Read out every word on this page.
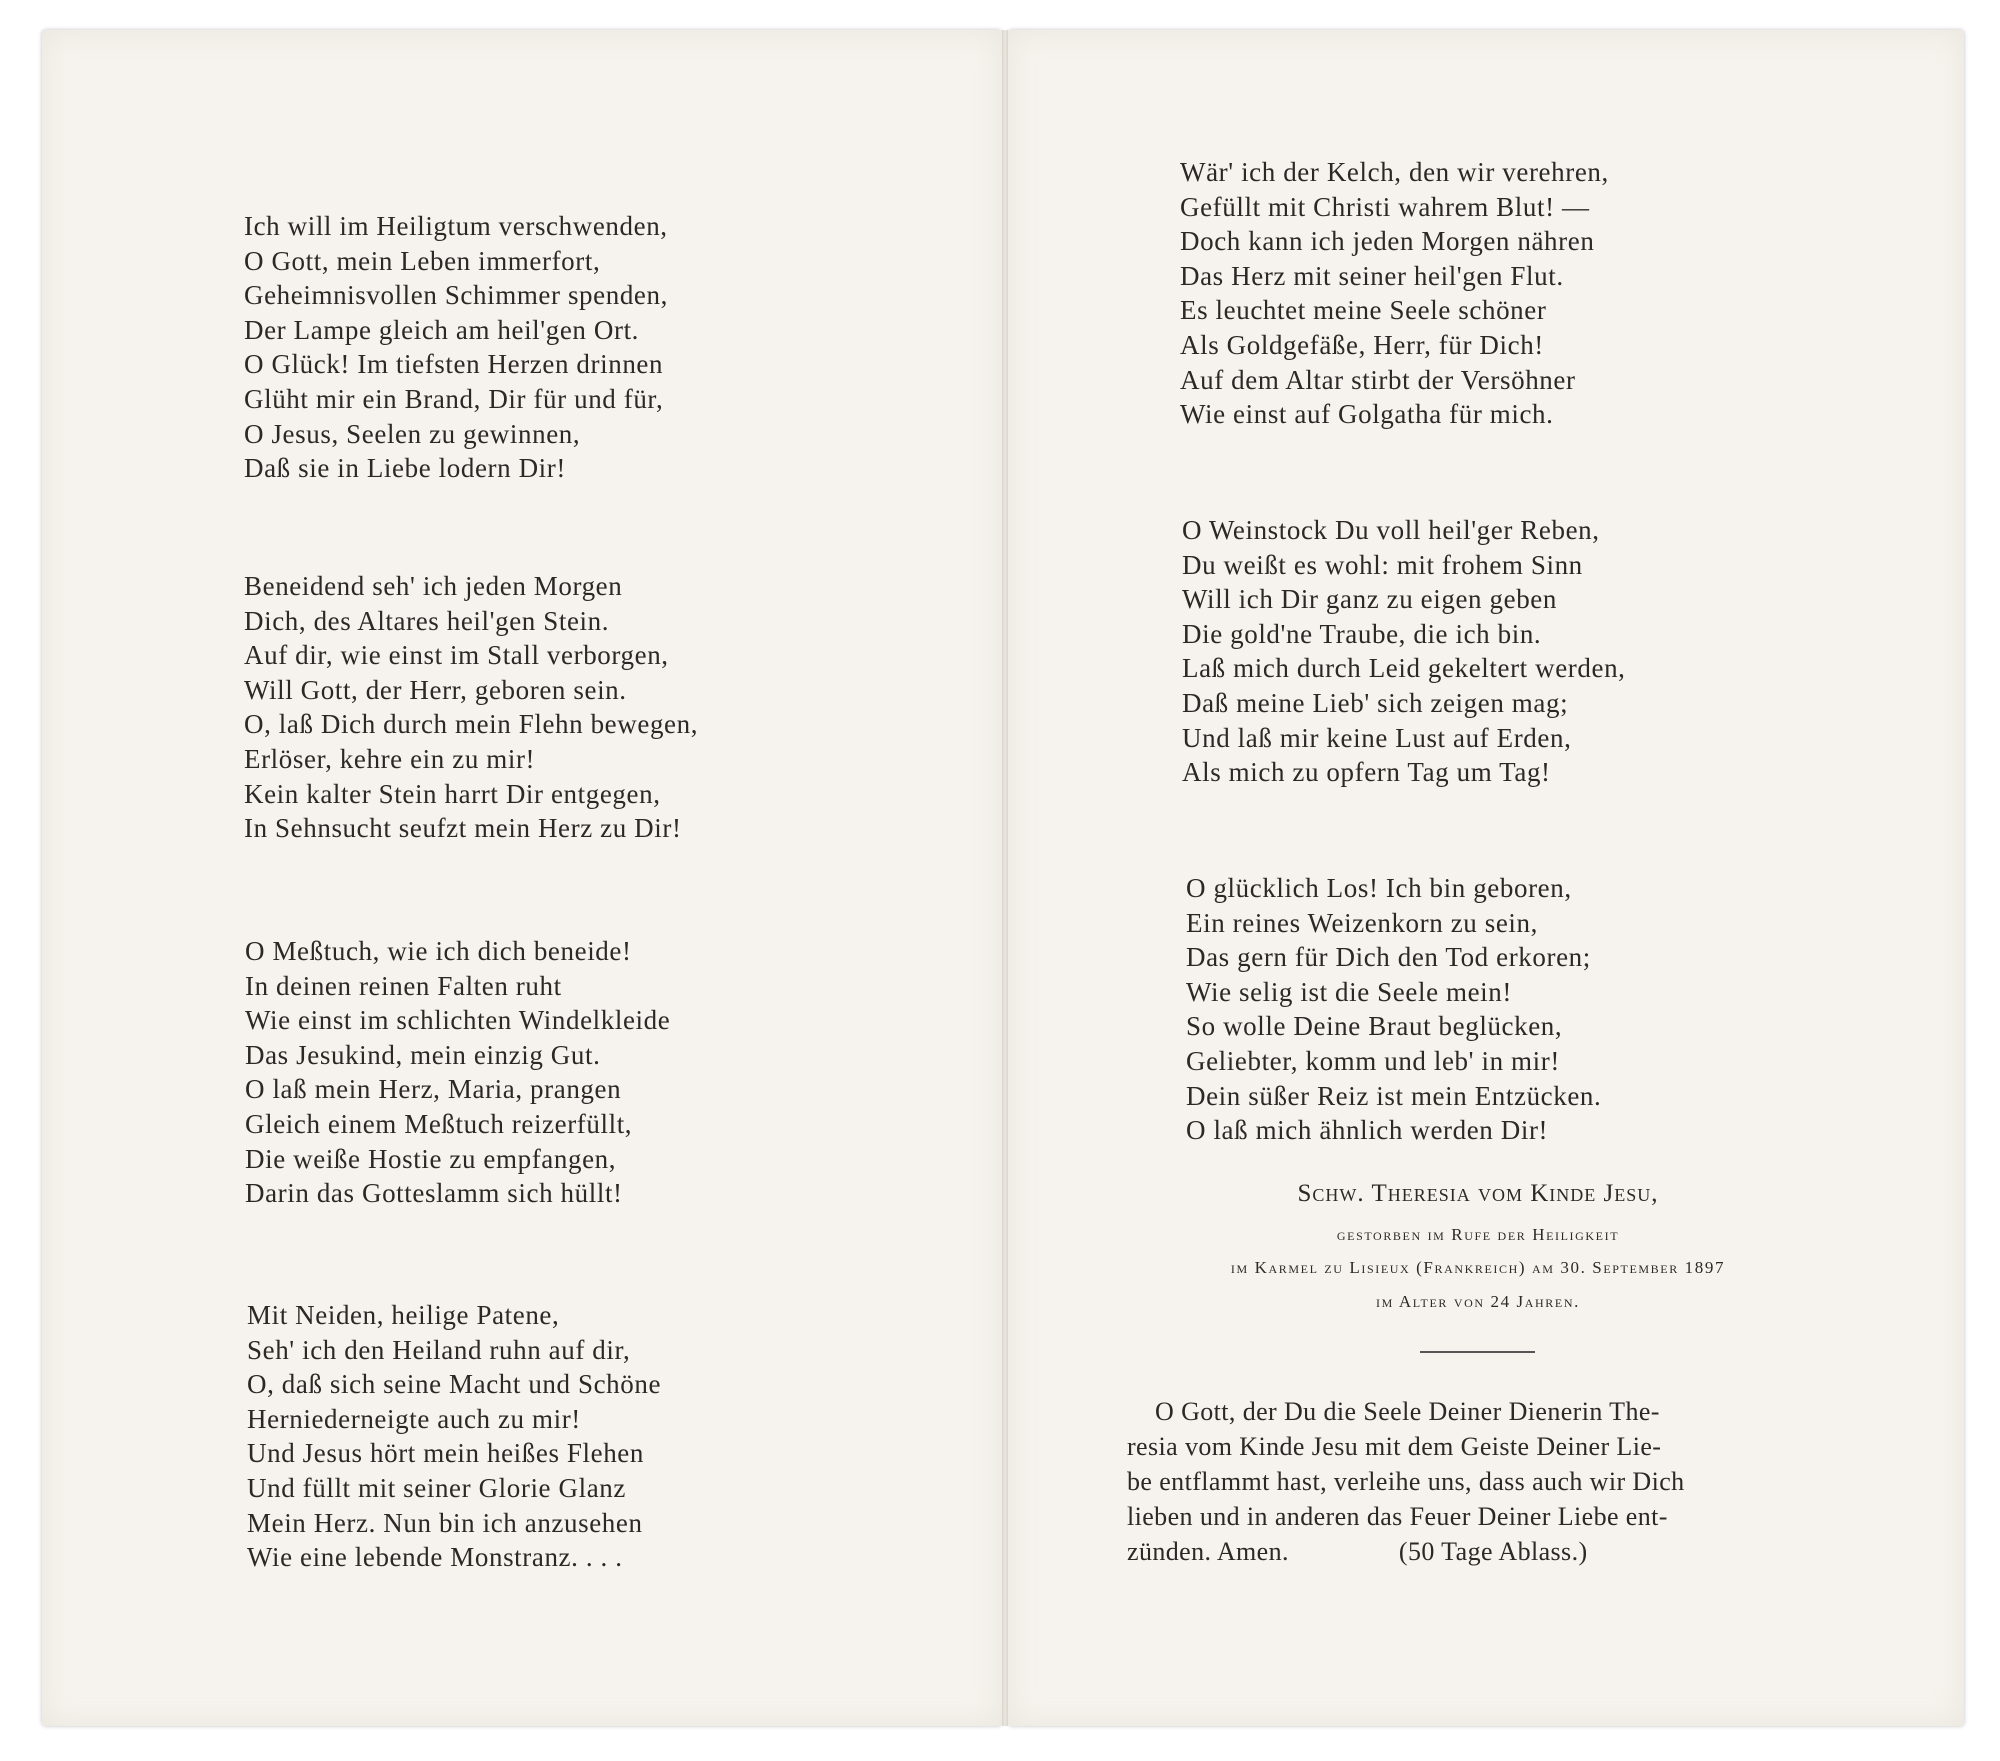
Ich will im Heiligtum verschwenden,
O Gott, mein Leben immerfort,
Geheimnisvollen Schimmer spenden,
Der Lampe gleich am heil'gen Ort.
O Glück! Im tiefsten Herzen drinnen
Glüht mir ein Brand, Dir für und für,
O Jesus, Seelen zu gewinnen,
Daß sie in Liebe lodern Dir!
Beneidend seh' ich jeden Morgen
Dich, des Altares heil'gen Stein.
Auf dir, wie einst im Stall verborgen,
Will Gott, der Herr, geboren sein.
O, laß Dich durch mein Flehn bewegen,
Erlöser, kehre ein zu mir!
Kein kalter Stein harrt Dir entgegen,
In Sehnsucht seufzt mein Herz zu Dir!
O Meßtuch, wie ich dich beneide!
In deinen reinen Falten ruht
Wie einst im schlichten Windelkleide
Das Jesukind, mein einzig Gut.
O laß mein Herz, Maria, prangen
Gleich einem Meßtuch reizerfüllt,
Die weiße Hostie zu empfangen,
Darin das Gotteslamm sich hüllt!
Mit Neiden, heilige Patene,
Seh' ich den Heiland ruhn auf dir,
O, daß sich seine Macht und Schöne
Herniederneigte auch zu mir!
Und Jesus hört mein heißes Flehen
Und füllt mit seiner Glorie Glanz
Mein Herz. Nun bin ich anzusehen
Wie eine lebende Monstranz. . . .
Wär' ich der Kelch, den wir verehren,
Gefüllt mit Christi wahrem Blut! —
Doch kann ich jeden Morgen nähren
Das Herz mit seiner heil'gen Flut.
Es leuchtet meine Seele schöner
Als Goldgefäße, Herr, für Dich!
Auf dem Altar stirbt der Versöhner
Wie einst auf Golgatha für mich.
O Weinstock Du voll heil'ger Reben,
Du weißt es wohl: mit frohem Sinn
Will ich Dir ganz zu eigen geben
Die gold'ne Traube, die ich bin.
Laß mich durch Leid gekeltert werden,
Daß meine Lieb' sich zeigen mag;
Und laß mir keine Lust auf Erden,
Als mich zu opfern Tag um Tag!
O glücklich Los! Ich bin geboren,
Ein reines Weizenkorn zu sein,
Das gern für Dich den Tod erkoren;
Wie selig ist die Seele mein!
So wolle Deine Braut beglücken,
Geliebter, komm und leb' in mir!
Dein süßer Reiz ist mein Entzücken.
O laß mich ähnlich werden Dir!
Schw. Theresia vom Kinde Jesu,
gestorben im Rufe der Heiligkeit
im Karmel zu Lisieux (Frankreich) am 30. September 1897
im Alter von 24 Jahren.
O Gott, der Du die Seele Deiner Dienerin The-
resia vom Kinde Jesu mit dem Geiste Deiner Lie-
be entflammt hast, verleihe uns, dass auch wir Dich
lieben und in anderen das Feuer Deiner Liebe ent-
zünden. Amen.	(50 Tage Ablass.)
